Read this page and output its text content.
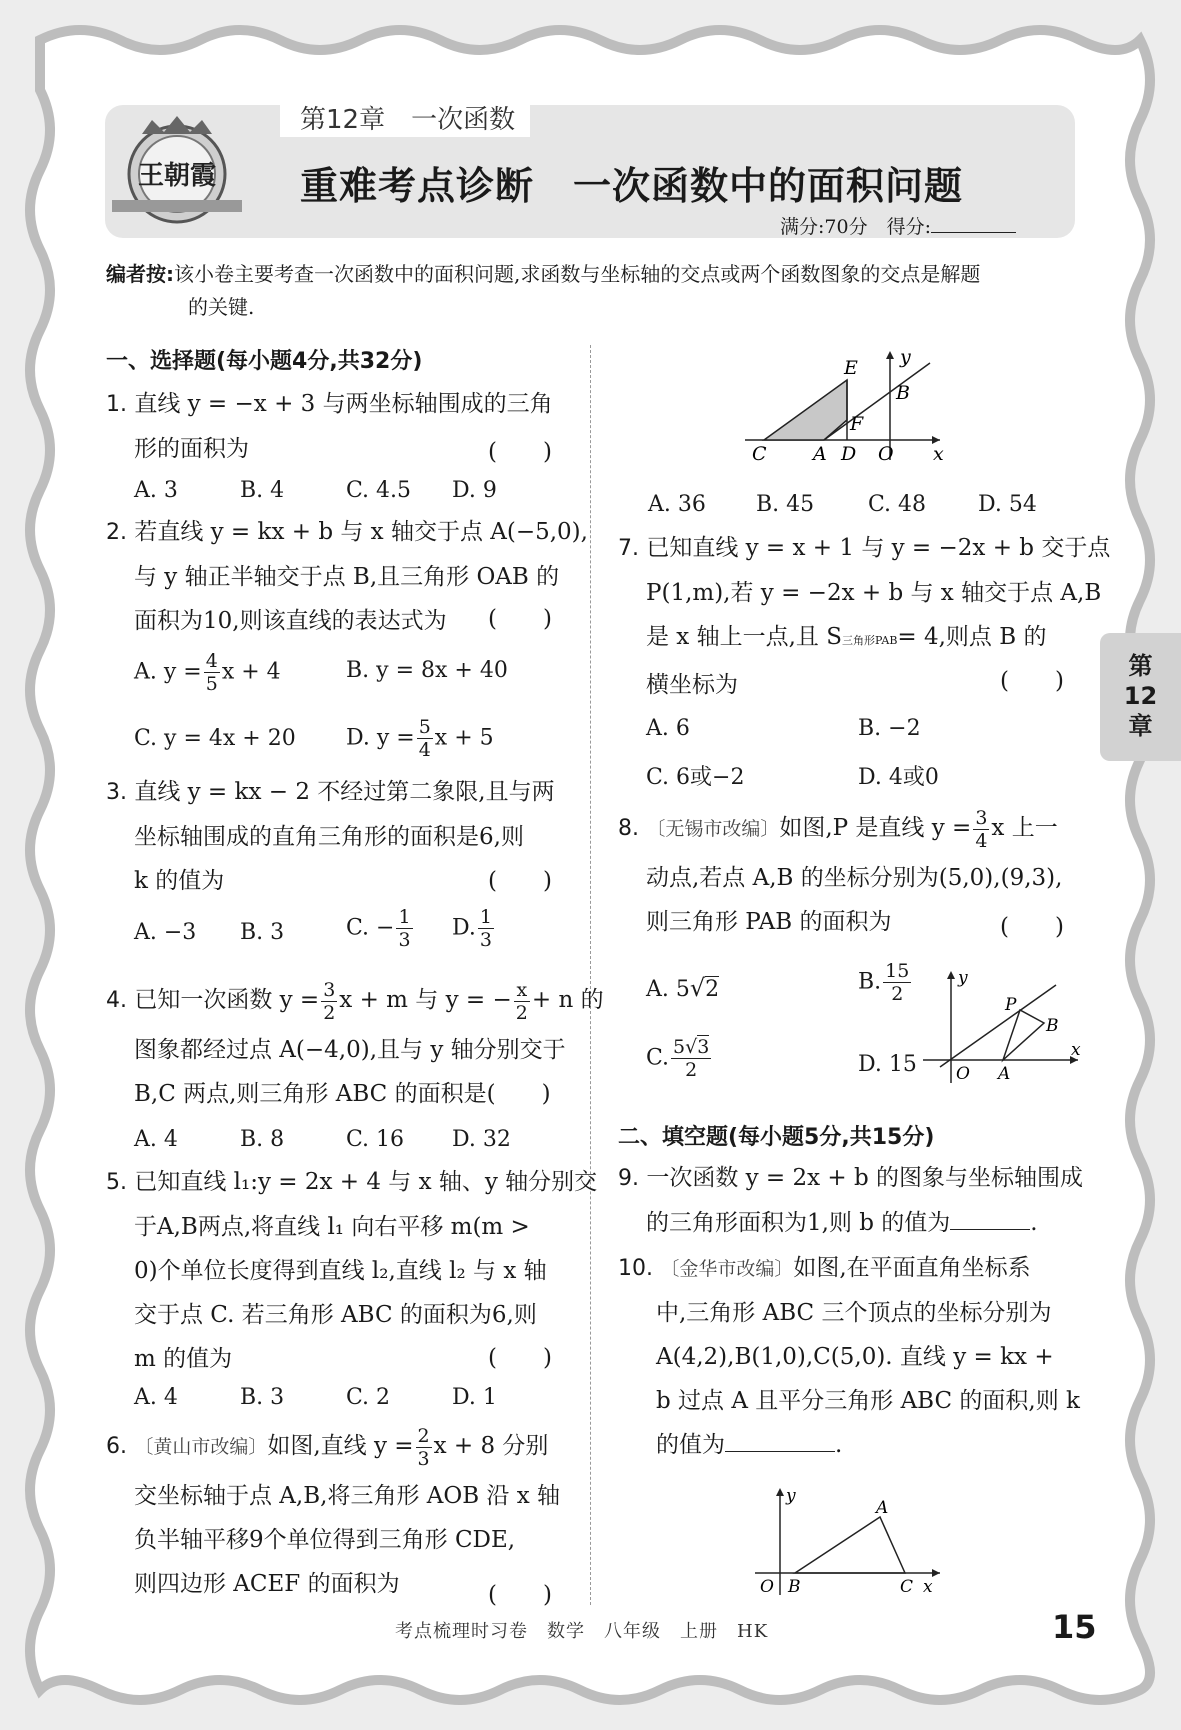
第12章　一次函数
王朝霞 重难考点诊断　一次函数中的面积问题
满分:70分　得分:
编者按:该小卷主要考查一次函数中的面积问题,求函数与坐标轴的交点或两个函数图象的交点是解题
的关键.
一、选择题(每小题4分,共32分)
1. 直线 y = −x + 3 与两坐标轴围成的三角
形的面积为	(　　)
A. 3	B. 4	C. 4.5 D. 9
2. 若直线 y = kx + b 与 x 轴交于点 A(−5,0),
与 y 轴正半轴交于点 B,且三角形 OAB 的
面积为10,则该直线的表达式为	(　　)
A. $y = \frac{4}{5}$ x + 4	B. y = 8x + 40
C. y = 4x + 20 D. $y = \frac{5}{4}$ x + 5
3. 直线 y = kx − 2 不经过第二象限,且与两
坐标轴围成的直角三角形的面积是6,则
k 的值为	(　　)
A. −3 B. 3	C. − $\frac{1}{3} D$. $\frac{1}{3}$
4. 已知一次函数 $y = \frac{3}{2}$ x + m 与 y = − $\frac{x}{2} + n$ 的
图象都经过点 A(−4,0),且与 y 轴分别交于
B,C 两点,则三角形 ABC 的面积是(　　)
A. 4	B. 8	C. 16 D. 32
5. 已知直线 l₁:y = 2x + 4 与 x 轴、y 轴分别交
于A,B两点,将直线 l₁ 向右平移 m(m >
0)个单位长度得到直线 l₂,直线 l₂ 与 x 轴
交于点 C. 若三角形 ABC 的面积为6,则
m 的值为	(　　)
A. 4	B. 3	C. 2	D. 1
6. 〔黄山市改编〕如图,直线 $y = \frac{2}{3}$ x + 8 分别
交坐标轴于点 A,B,将三角形 AOB 沿 x 轴
负半轴平移9个单位得到三角形 CDE,
则四边形 ACEF 的面积为	(　　)
E y
B
F
C A D O x
A. 36 B. 45 C. 48 D. 54
7. 已知直线 y = x + 1 与 y = −2x + b 交于点
P(1,m),若 y = −2x + b 与 x 轴交于点 A,B
是 x 轴上一点,且 S三角形PAB= 4,则点 B 的
横坐标为	(　　)
A. 6	B. −2
C. 6或−2	D. 4或0
8. 〔无锡市改编〕如图,P 是直线 $y = \frac{3}{4}$ x 上一
动点,若点 A,B 的坐标分别为(5,0),(9,3),
则三角形 PAB 的面积为	(　　)
A. 5√2	B. $\frac{15}{2}$
C. $\frac{5√3}{2}$	D. 15
y
P
B
O A
x
二、填空题(每小题5分,共15分)
9. 一次函数 y = 2x + b 的图象与坐标轴围成
的三角形面积为1,则 b 的值为	.
10. 〔金华市改编〕如图,在平面直角坐标系
中,三角形 ABC 三个顶点的坐标分别为
A(4,2),B(1,0),C(5,0). 直线 y = kx +
b 过点 A 且平分三角形 ABC 的面积,则 k
的值为	.
y
A
O B	C x
第
12
章
考点梳理时习卷　数学　八年级　上册　HK	15
